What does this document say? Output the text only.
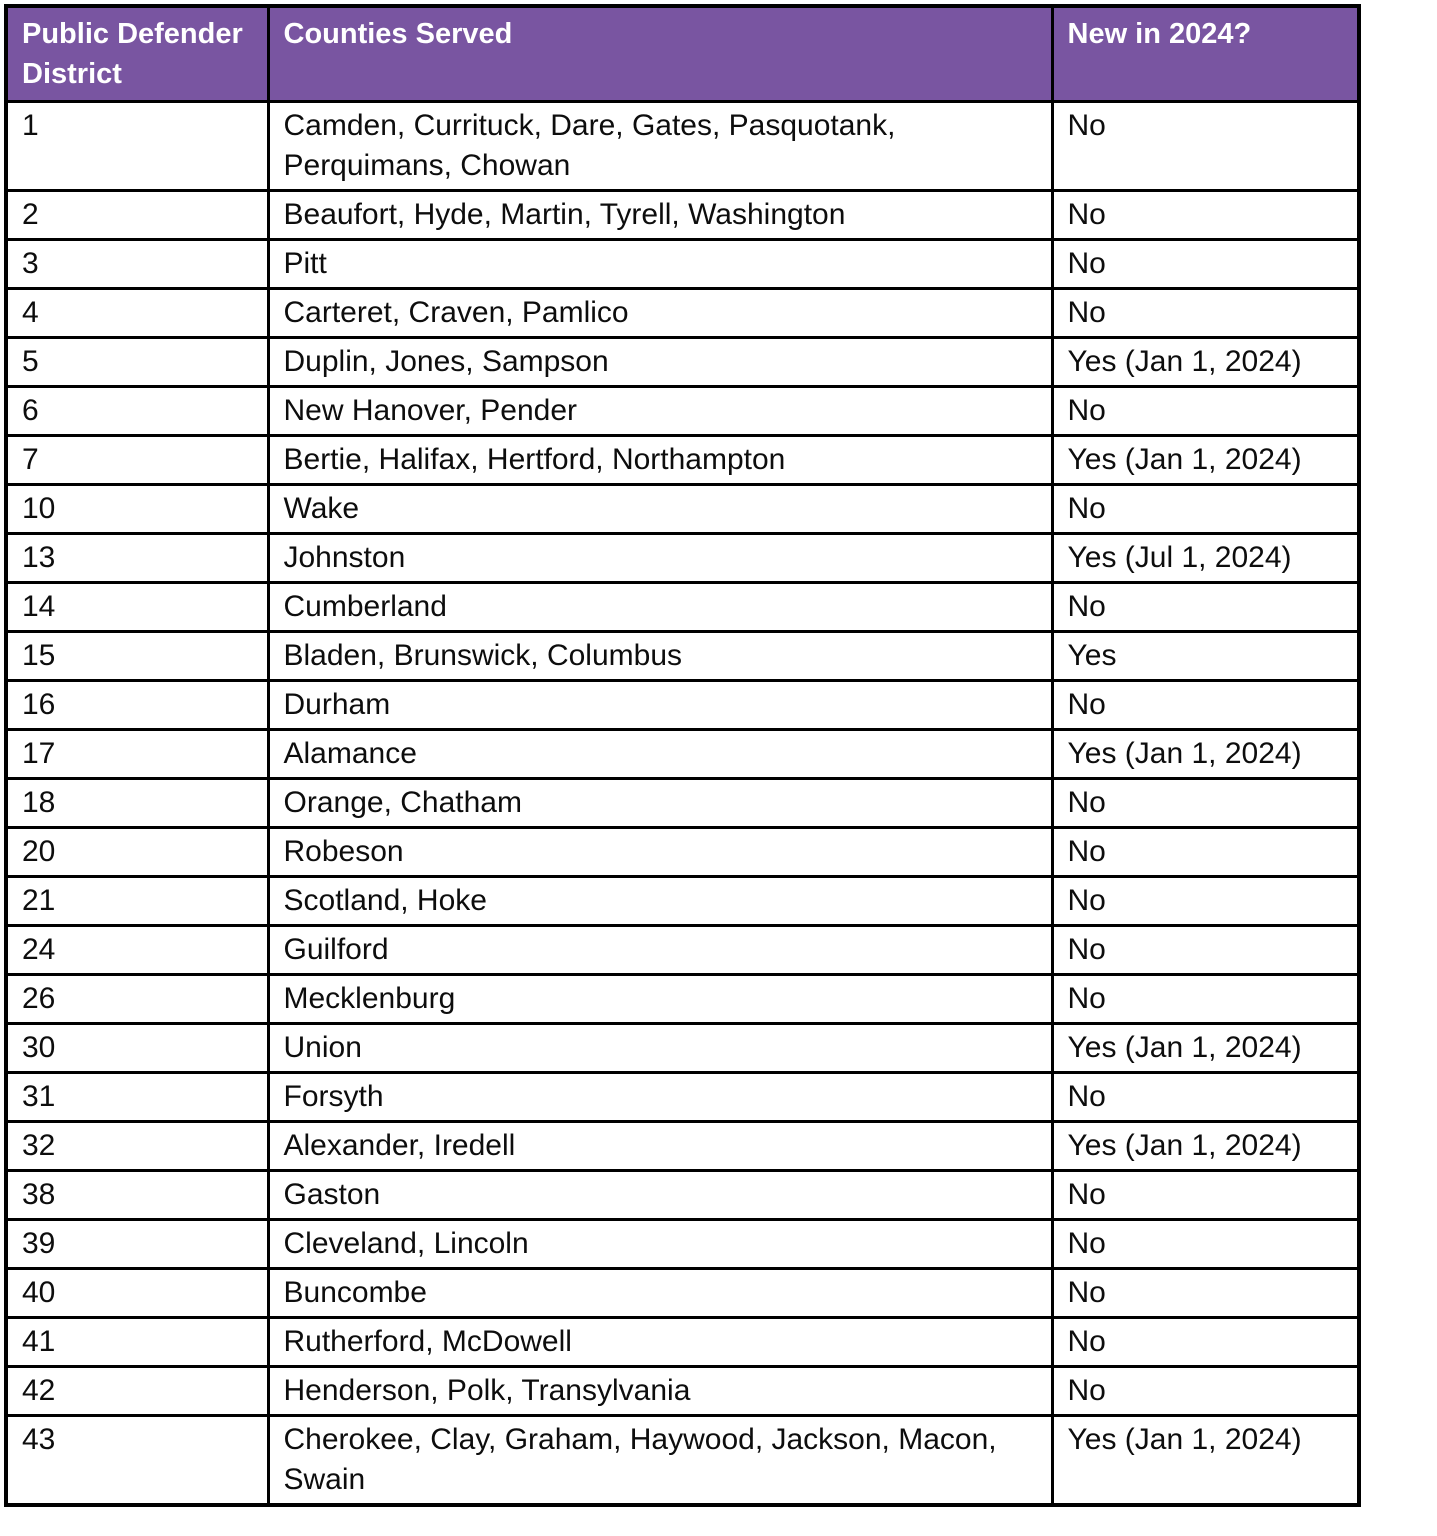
Public Defender District	Counties Served	New in 2024?
1	Camden, Currituck, Dare, Gates, Pasquotank, Perquimans, Chowan	No
2	Beaufort, Hyde, Martin, Tyrell, Washington	No
3	Pitt	No
4	Carteret, Craven, Pamlico	No
5	Duplin, Jones, Sampson	Yes (Jan 1, 2024)
6	New Hanover, Pender	No
7	Bertie, Halifax, Hertford, Northampton	Yes (Jan 1, 2024)
10	Wake	No
13	Johnston	Yes (Jul 1, 2024)
14	Cumberland	No
15	Bladen, Brunswick, Columbus	Yes
16	Durham	No
17	Alamance	Yes (Jan 1, 2024)
18	Orange, Chatham	No
20	Robeson	No
21	Scotland, Hoke	No
24	Guilford	No
26	Mecklenburg	No
30	Union	Yes (Jan 1, 2024)
31	Forsyth	No
32	Alexander, Iredell	Yes (Jan 1, 2024)
38	Gaston	No
39	Cleveland, Lincoln	No
40	Buncombe	No
41	Rutherford, McDowell	No
42	Henderson, Polk, Transylvania	No
43	Cherokee, Clay, Graham, Haywood, Jackson, Macon, Swain	Yes (Jan 1, 2024)
